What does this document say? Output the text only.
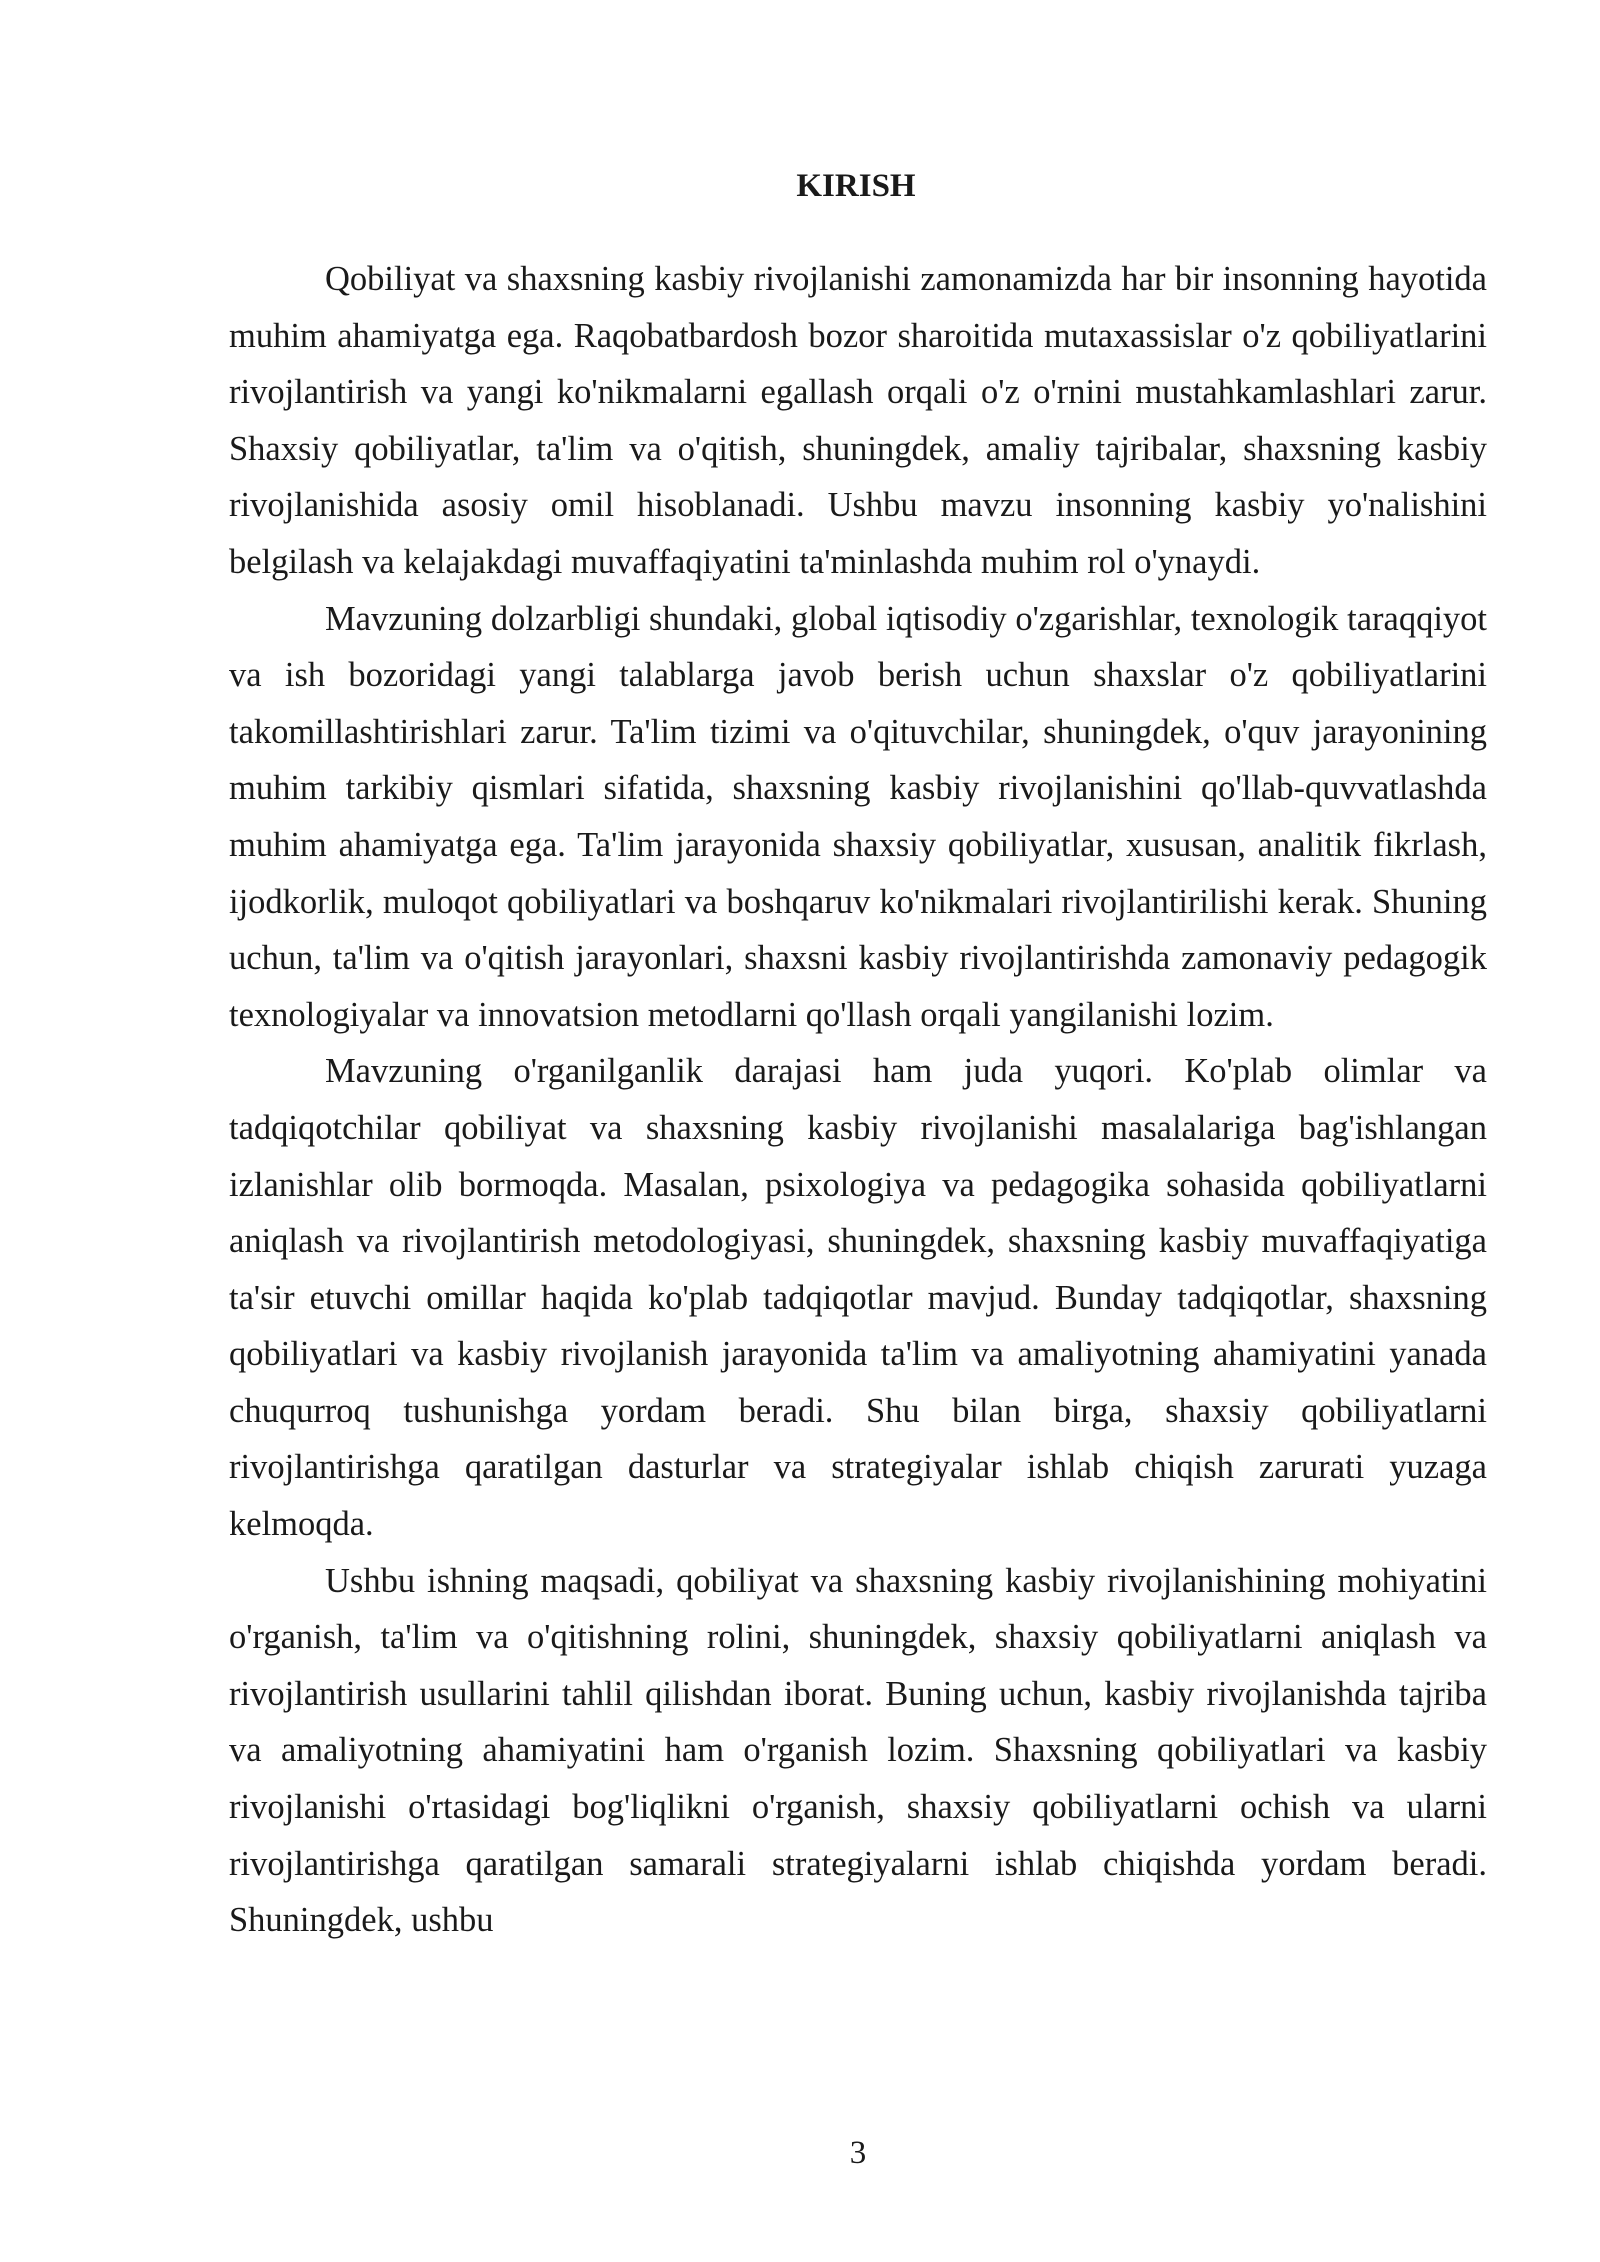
KIRISH

Qobiliyat va shaxsning kasbiy rivojlanishi zamonamizda har bir insonning hayotida muhim ahamiyatga ega. Raqobatbardosh bozor sharoitida mutaxassislar o'z qobiliyatlarini rivojlantirish va yangi ko'nikmalarni egallash orqali o'z o'rnini mustahkamlashlari zarur. Shaxsiy qobiliyatlar, ta'lim va o'qitish, shuningdek, amaliy tajribalar, shaxsning kasbiy rivojlanishida asosiy omil hisoblanadi. Ushbu mavzu insonning kasbiy yo'nalishini belgilash va kelajakdagi muvaffaqiyatini ta'minlashda muhim rol o'ynaydi.

Mavzuning dolzarbligi shundaki, global iqtisodiy o'zgarishlar, texnologik taraqqiyot va ish bozoridagi yangi talablarga javob berish uchun shaxslar o'z qobiliyatlarini takomillashtirishlari zarur. Ta'lim tizimi va o'qituvchilar, shuningdek, o'quv jarayonining muhim tarkibiy qismlari sifatida, shaxsning kasbiy rivojlanishini qo'llab-quvvatlashda muhim ahamiyatga ega. Ta'lim jarayonida shaxsiy qobiliyatlar, xususan, analitik fikrlash, ijodkorlik, muloqot qobiliyatlari va boshqaruv ko'nikmalari rivojlantirilishi kerak. Shuning uchun, ta'lim va o'qitish jarayonlari, shaxsni kasbiy rivojlantirishda zamonaviy pedagogik texnologiyalar va innovatsion metodlarni qo'llash orqali yangilanishi lozim.

Mavzuning o'rganilganlik darajasi ham juda yuqori. Ko'plab olimlar va tadqiqotchilar qobiliyat va shaxsning kasbiy rivojlanishi masalalariga bag'ishlangan izlanishlar olib bormoqda. Masalan, psixologiya va pedagogika sohasida qobiliyatlarni aniqlash va rivojlantirish metodologiyasi, shuningdek, shaxsning kasbiy muvaffaqiyatiga ta'sir etuvchi omillar haqida ko'plab tadqiqotlar mavjud. Bunday tadqiqotlar, shaxsning qobiliyatlari va kasbiy rivojlanish jarayonida ta'lim va amaliyotning ahamiyatini yanada chuqurroq tushunishga yordam beradi. Shu bilan birga, shaxsiy qobiliyatlarni rivojlantirishga qaratilgan dasturlar va strategiyalar ishlab chiqish zarurati yuzaga kelmoqda.

Ushbu ishning maqsadi, qobiliyat va shaxsning kasbiy rivojlanishining mohiyatini o'rganish, ta'lim va o'qitishning rolini, shuningdek, shaxsiy qobiliyatlarni aniqlash va rivojlantirish usullarini tahlil qilishdan iborat. Buning uchun, kasbiy rivojlanishda tajriba va amaliyotning ahamiyatini ham o'rganish lozim. Shaxsning qobiliyatlari va kasbiy rivojlanishi o'rtasidagi bog'liqlikni o'rganish, shaxsiy qobiliyatlarni ochish va ularni rivojlantirishga qaratilgan samarali strategiyalarni ishlab chiqishda yordam beradi. Shuningdek, ushbu

3
